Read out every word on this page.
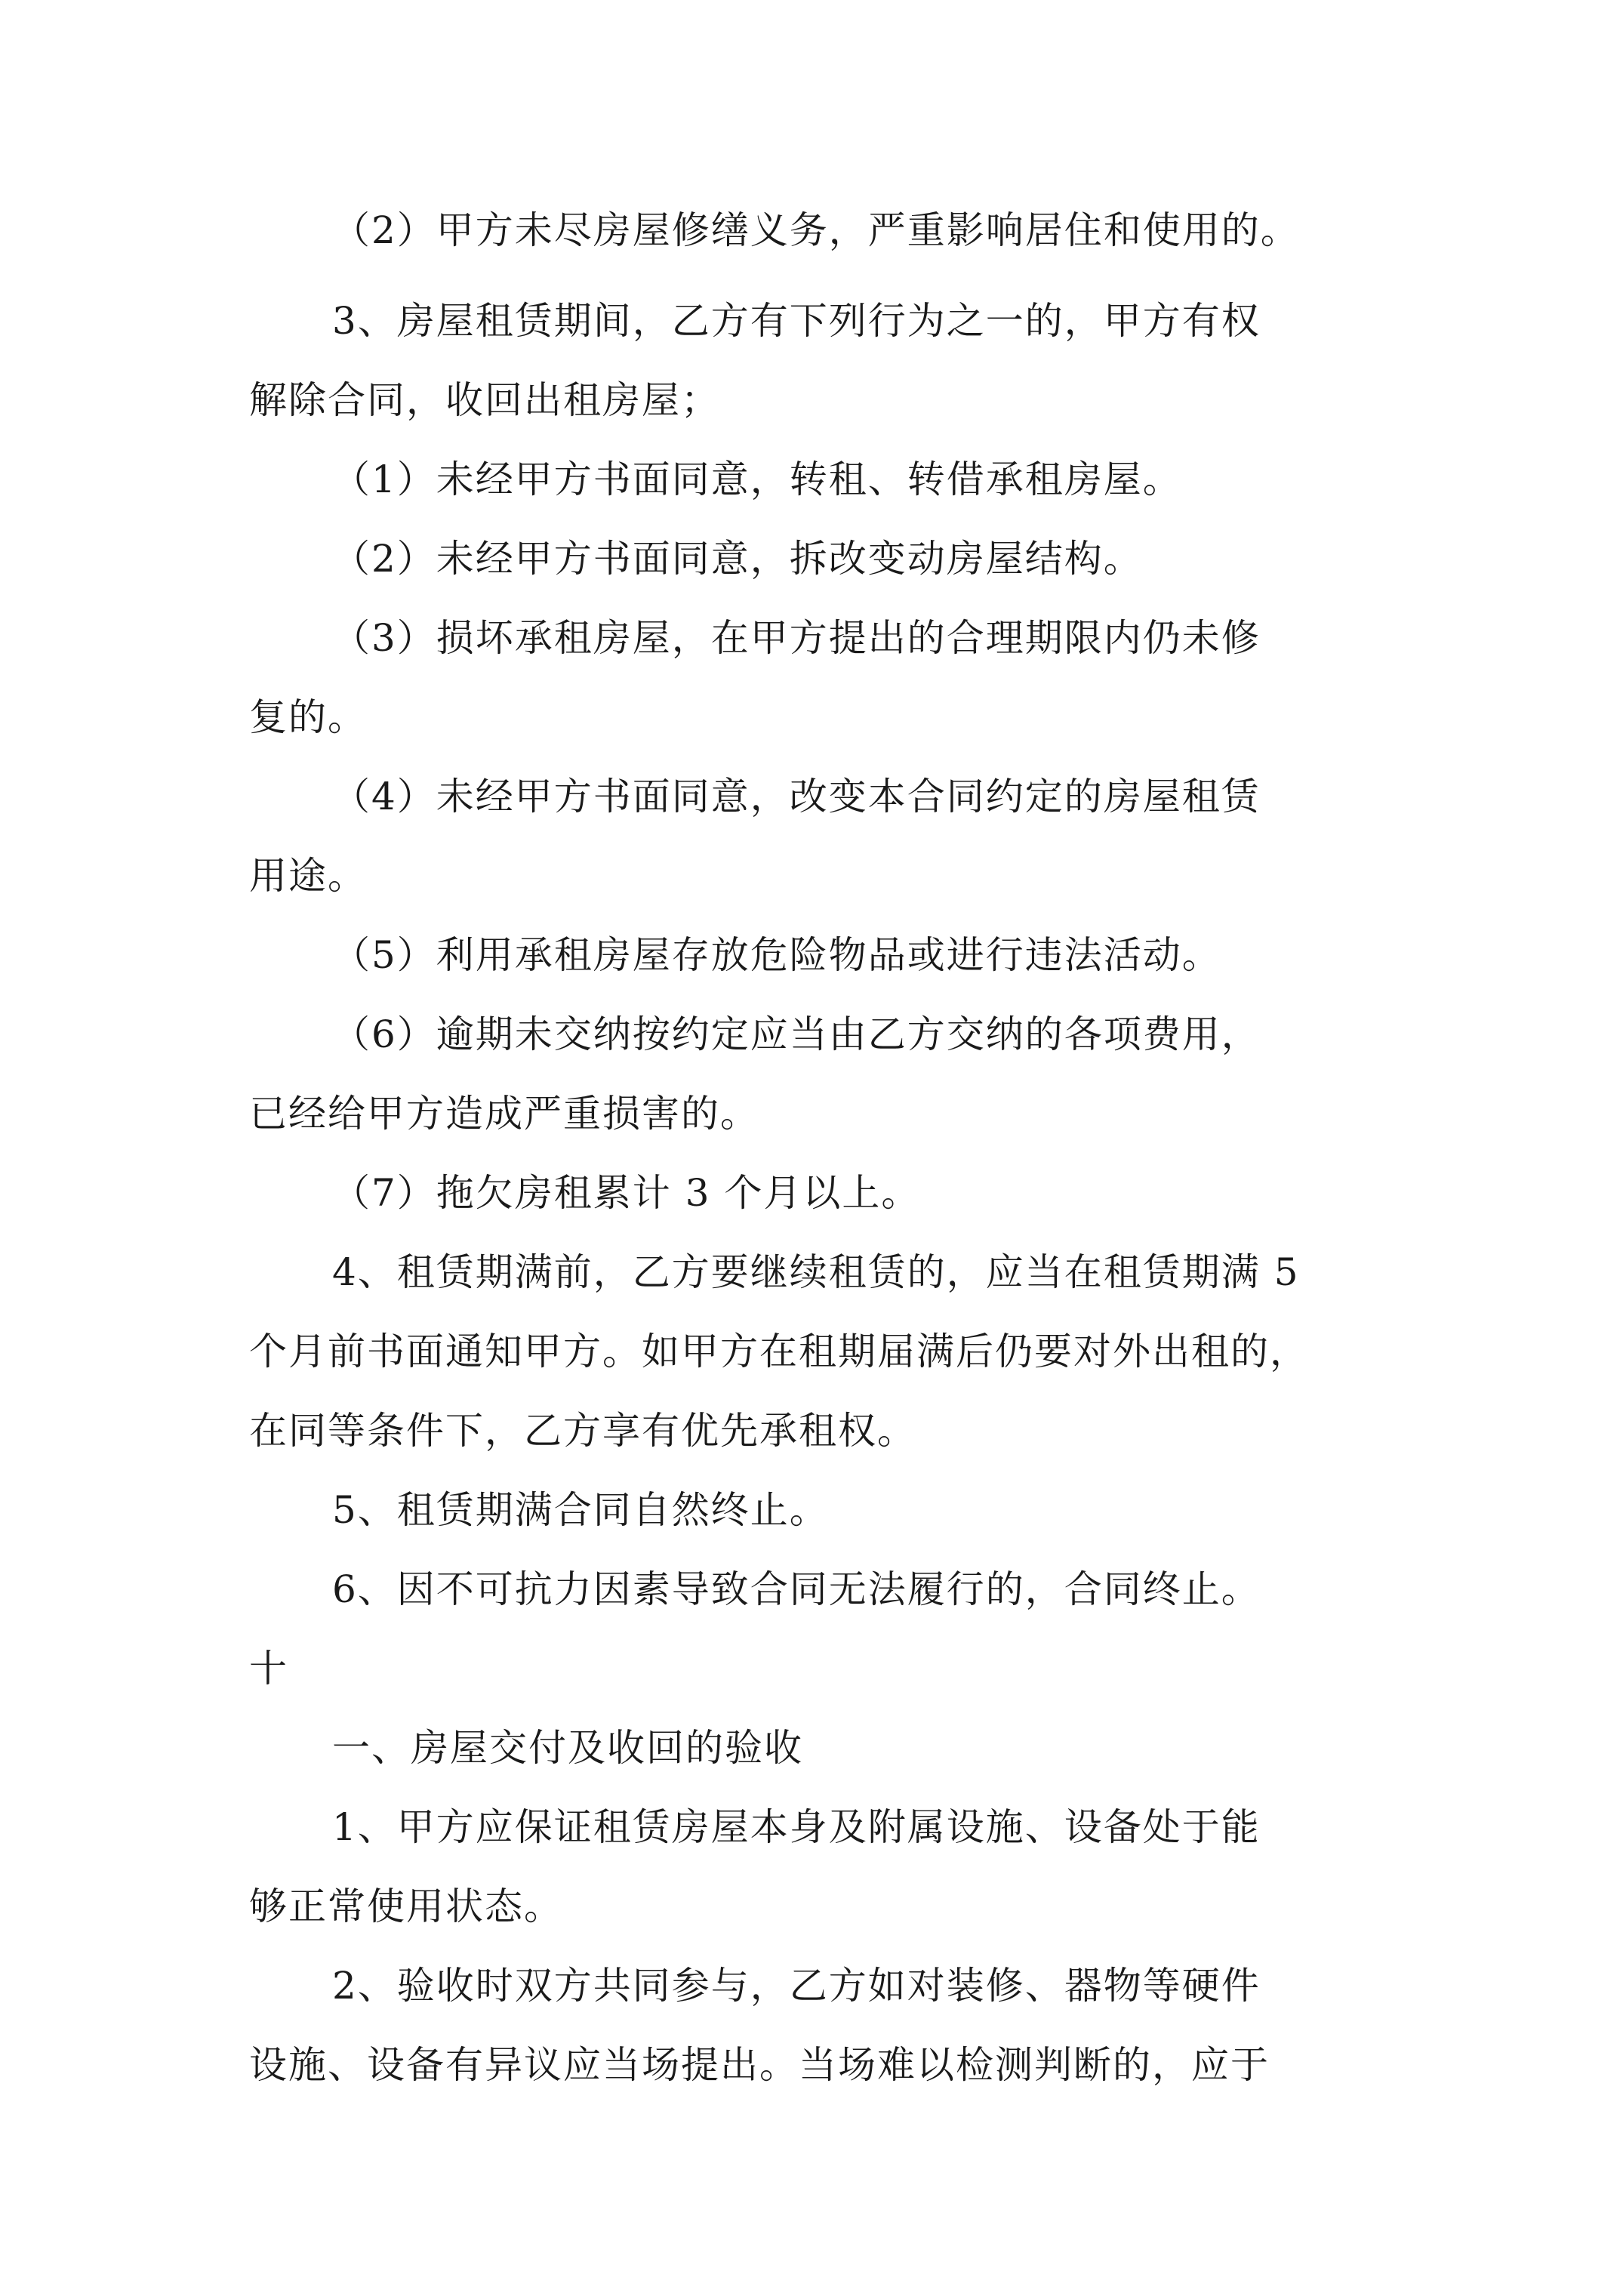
（2）甲方未尽房屋修缮义务，严重影响居住和使用的。
3、房屋租赁期间，乙方有下列行为之一的，甲方有权
解除合同，收回出租房屋；
（1）未经甲方书面同意，转租、转借承租房屋。
（2）未经甲方书面同意，拆改变动房屋结构。
（3）损坏承租房屋，在甲方提出的合理期限内仍未修
复的。
（4）未经甲方书面同意，改变本合同约定的房屋租赁
用途。
（5）利用承租房屋存放危险物品或进行违法活动。
（6）逾期未交纳按约定应当由乙方交纳的各项费用，
已经给甲方造成严重损害的。
（7）拖欠房租累计 3 个月以上。
4、租赁期满前，乙方要继续租赁的，应当在租赁期满 5
个月前书面通知甲方。如甲方在租期届满后仍要对外出租的，
在同等条件下，乙方享有优先承租权。
5、租赁期满合同自然终止。
6、因不可抗力因素导致合同无法履行的，合同终止。
十
一、房屋交付及收回的验收
1、甲方应保证租赁房屋本身及附属设施、设备处于能
够正常使用状态。
2、验收时双方共同参与，乙方如对装修、器物等硬件
设施、设备有异议应当场提出。当场难以检测判断的，应于
